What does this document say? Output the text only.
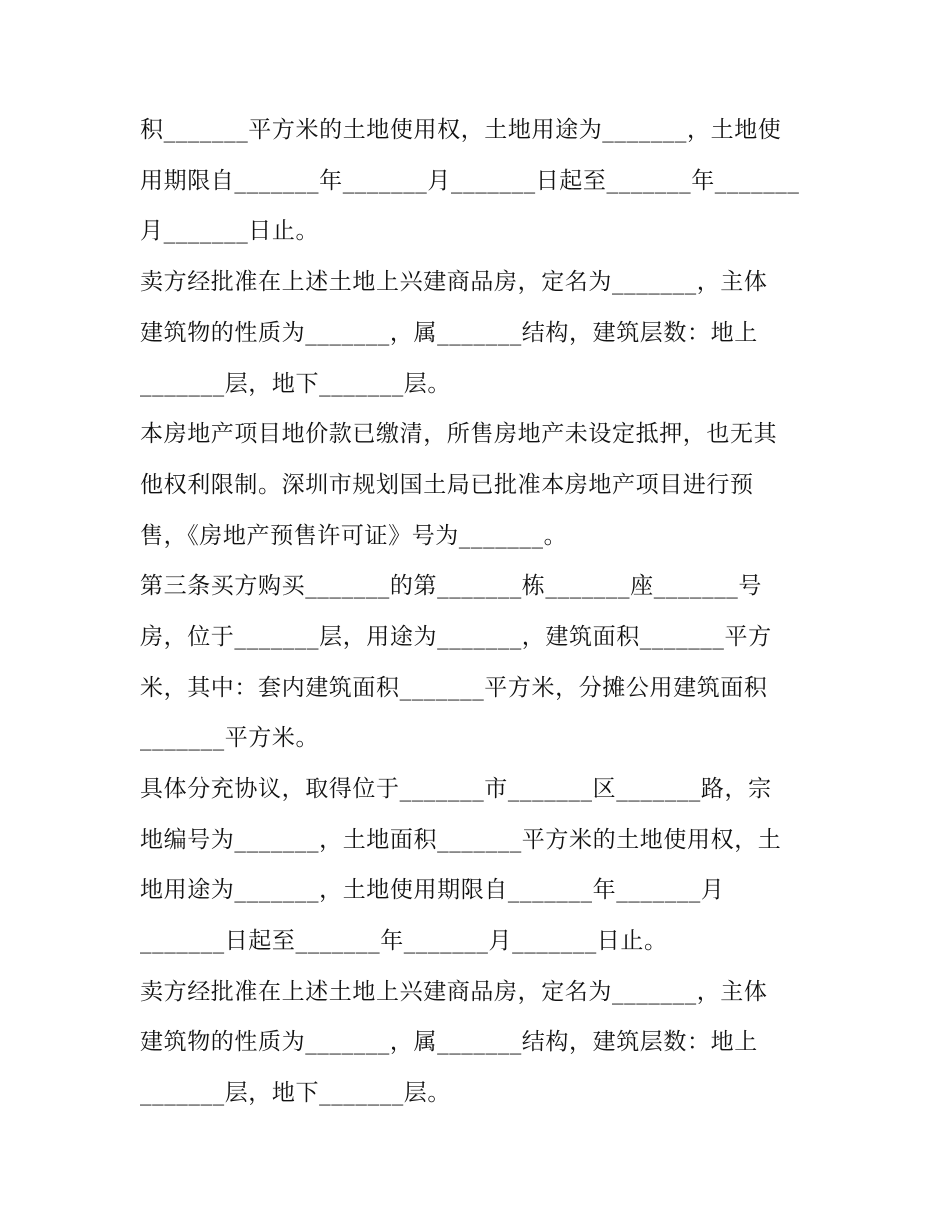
积_______平方米的土地使用权，土地用途为_______，土地使
用期限自_______年_______月_______日起至_______年_______
月_______日止。
卖方经批准在上述土地上兴建商品房，定名为_______，主体
建筑物的性质为_______，属_______结构，建筑层数：地上
_______层，地下_______层。
本房地产项目地价款已缴清，所售房地产未设定抵押，也无其
他权利限制。深圳市规划国土局已批准本房地产项目进行预
售，《房地产预售许可证》号为_______。
第三条买方购买_______的第_______栋_______座_______号
房，位于_______层，用途为_______，建筑面积_______平方
米，其中：套内建筑面积_______平方米，分摊公用建筑面积
_______平方米。
具体分充协议，取得位于_______市_______区_______路，宗
地编号为_______，土地面积_______平方米的土地使用权，土
地用途为_______，土地使用期限自_______年_______月
_______日起至_______年_______月_______日止。
卖方经批准在上述土地上兴建商品房，定名为_______，主体
建筑物的性质为_______，属_______结构，建筑层数：地上
_______层，地下_______层。
